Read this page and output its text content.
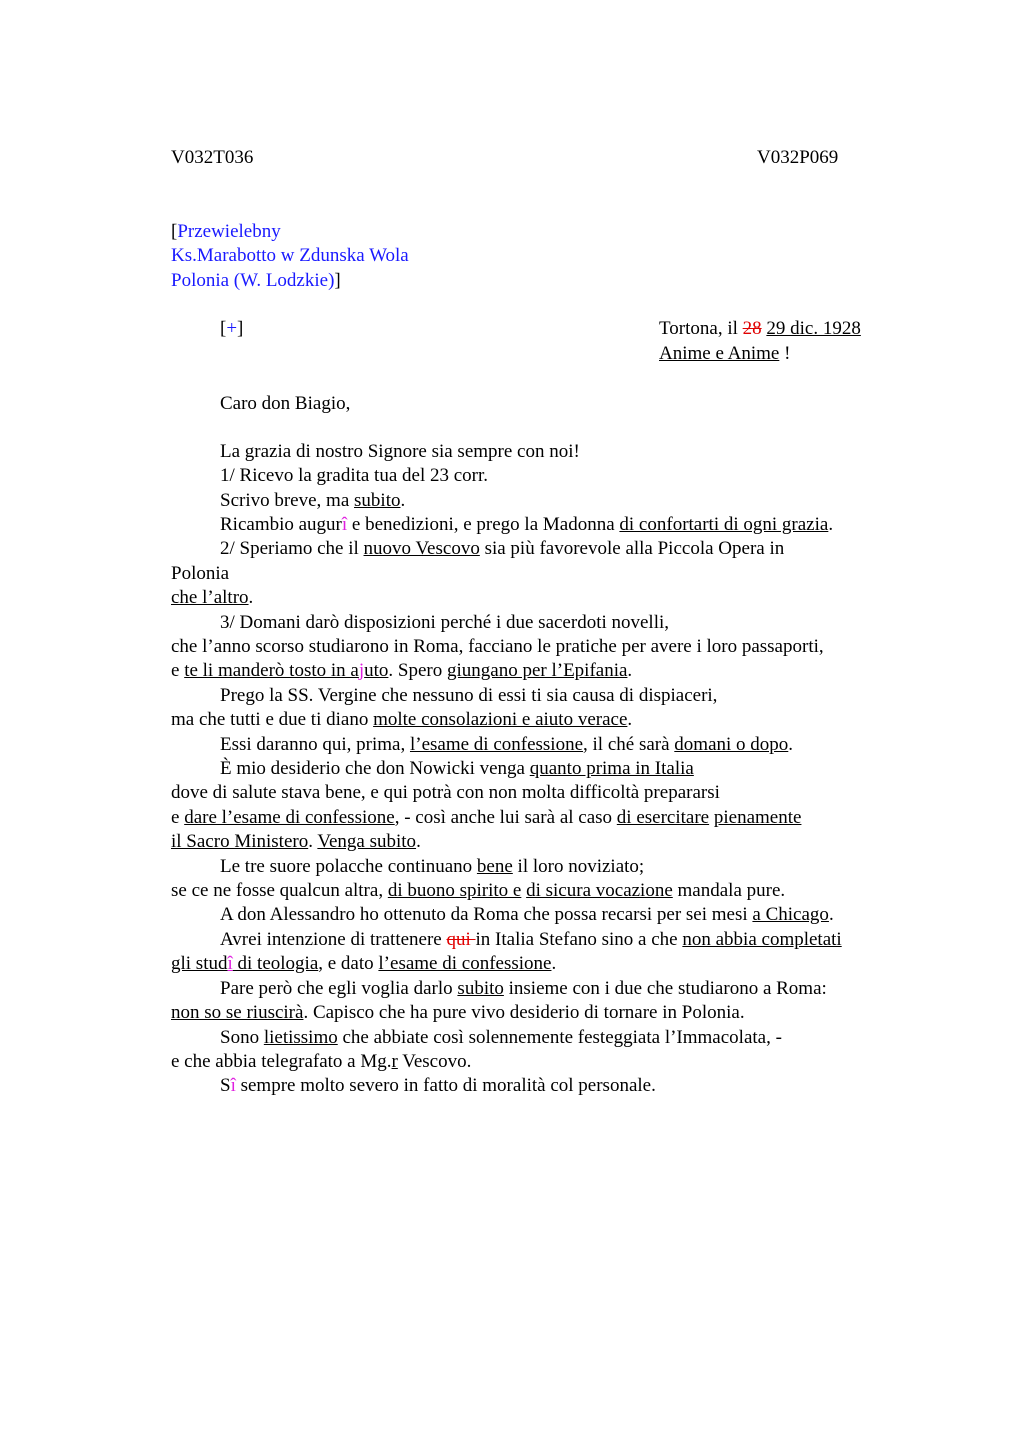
V032T036	V032P069
[Przewielebny
Ks.Marabotto w Zdunska Wola
Polonia (W. Lodzkie)]
[+]	Tortona, il 28 29 dic. 1928
Anime e Anime !
Caro don Biagio,
La grazia di nostro Signore sia sempre con noi!
1/ Ricevo la gradita tua del 23 corr.
Scrivo breve, ma subito.
Ricambio augurî e benedizioni, e prego la Madonna di confortarti di ogni grazia.
2/ Speriamo che il nuovo Vescovo sia più favorevole alla Piccola Opera in
Polonia
che l’altro.
3/ Domani darò disposizioni perché i due sacerdoti novelli,
che l’anno scorso studiarono in Roma, facciano le pratiche per avere i loro passaporti,
e te li manderò tosto in ajuto. Spero giungano per l’Epifania.
Prego la SS. Vergine che nessuno di essi ti sia causa di dispiaceri,
ma che tutti e due ti diano molte consolazioni e aiuto verace.
Essi daranno qui, prima, l’esame di confessione, il ché sarà domani o dopo.
È mio desiderio che don Nowicki venga quanto prima in Italia
dove di salute stava bene, e qui potrà con non molta difficoltà prepararsi
e dare l’esame di confessione, - così anche lui sarà al caso di esercitare pienamente
il Sacro Ministero. Venga subito.
Le tre suore polacche continuano bene il loro noviziato;
se ce ne fosse qualcun altra, di buono spirito e di sicura vocazione mandala pure.
A don Alessandro ho ottenuto da Roma che possa recarsi per sei mesi a Chicago.
Avrei intenzione di trattenere qui in Italia Stefano sino a che non abbia completati
gli studî di teologia, e dato l’esame di confessione.
Pare però che egli voglia darlo subito insieme con i due che studiarono a Roma:
non so se riuscirà. Capisco che ha pure vivo desiderio di tornare in Polonia.
Sono lietissimo che abbiate così solennemente festeggiata l’Immacolata, -
e che abbia telegrafato a Mg.r Vescovo.
Sî sempre molto severo in fatto di moralità col personale.
